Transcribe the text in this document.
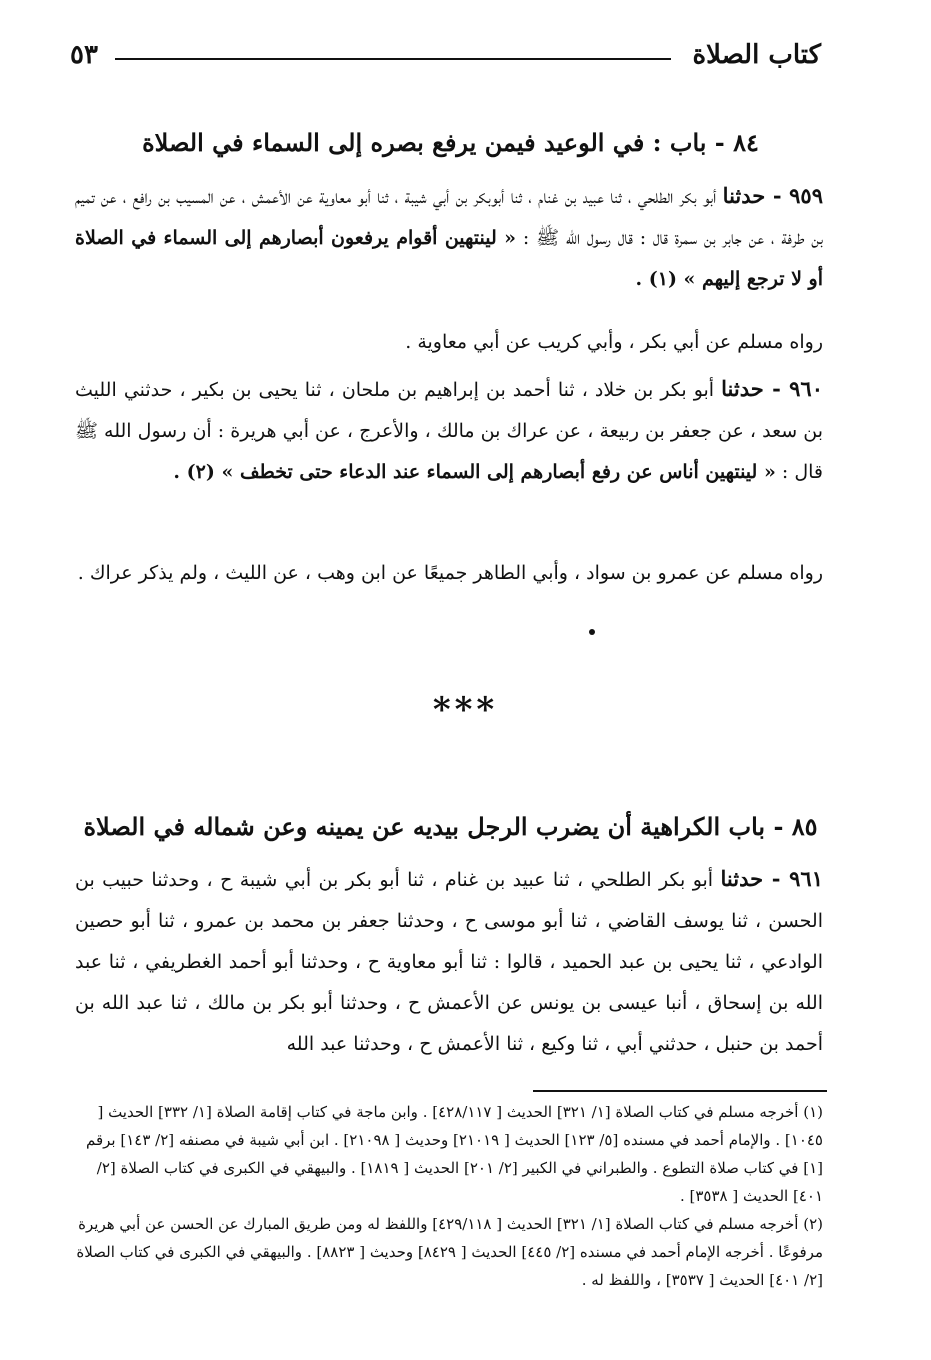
كتاب الصلاة
٥٣
٨٤ - باب : في الوعيد فيمن يرفع بصره إلى السماء في الصلاة
٩٥٩ - حدثنا أبو بكر الطلحي ، ثنا عبيد بن غنام ، ثنا أبوبكر بن أبي شيبة ، ثنا أبو معاوية عن الأعمش ، عن المسيب بن رافع ، عن تميم بن طرفة ، عن جابر بن سمرة قال : قال رسول الله ﷺ : « لينتهين أقوام يرفعون أبصارهم إلى السماء في الصلاة أو لا ترجع إليهم » (١) .
رواه مسلم عن أبي بكر ، وأبي كريب عن أبي معاوية .
٩٦٠ - حدثنا أبو بكر بن خلاد ، ثنا أحمد بن إبراهيم بن ملحان ، ثنا يحيى بن بكير ، حدثني الليث بن سعد ، عن جعفر بن ربيعة ، عن عراك بن مالك ، والأعرج ، عن أبي هريرة : أن رسول الله ﷺ قال : « لينتهين أناس عن رفع أبصارهم إلى السماء عند الدعاء حتى تخطف » (٢) .
رواه مسلم عن عمرو بن سواد ، وأبي الطاهر جميعًا عن ابن وهب ، عن الليث ، ولم يذكر عراك .
***
٨٥ - باب الكراهية أن يضرب الرجل بيديه عن يمينه وعن شماله في الصلاة
٩٦١ - حدثنا أبو بكر الطلحي ، ثنا عبيد بن غنام ، ثنا أبو بكر بن أبي شيبة ح ، وحدثنا حبيب بن الحسن ، ثنا يوسف القاضي ، ثنا أبو موسى ح ، وحدثنا جعفر بن محمد بن عمرو ، ثنا أبو حصين الوادعي ، ثنا يحيى بن عبد الحميد ، قالوا : ثنا أبو معاوية ح ، وحدثنا أبو أحمد الغطريفي ، ثنا عبد الله بن إسحاق ، أنبا عيسى بن يونس عن الأعمش ح ، وحدثنا أبو بكر بن مالك ، ثنا عبد الله بن أحمد بن حنبل ، حدثني أبي ، ثنا وكيع ، ثنا الأعمش ح ، وحدثنا عبد الله

(١) أخرجه مسلم في كتاب الصلاة [١/ ٣٢١] الحديث [ ٤٢٨/١١٧] . وابن ماجة في كتاب إقامة الصلاة [١/ ٣٣٢] الحديث [ ١٠٤٥] . والإمام أحمد في مسنده [٥/ ١٢٣] الحديث [ ٢١٠١٩] وحديث [ ٢١٠٩٨] . ابن أبي شيبة في مصنفه [٢/ ١٤٣] برقم [١] في كتاب صلاة التطوع . والطبراني في الكبير [٢/ ٢٠١] الحديث [ ١٨١٩] . والبيهقي في الكبرى في كتاب الصلاة [٢/ ٤٠١] الحديث [ ٣٥٣٨] .

(٢) أخرجه مسلم في كتاب الصلاة [١/ ٣٢١] الحديث [ ٤٢٩/١١٨] واللفظ له ومن طريق المبارك عن الحسن عن أبي هريرة مرفوعًا . أخرجه الإمام أحمد في مسنده [٢/ ٤٤٥] الحديث [ ٨٤٢٩] وحديث [ ٨٨٢٣] . والبيهقي في الكبرى في كتاب الصلاة [٢/ ٤٠١] الحديث [ ٣٥٣٧] ، واللفظ له .
